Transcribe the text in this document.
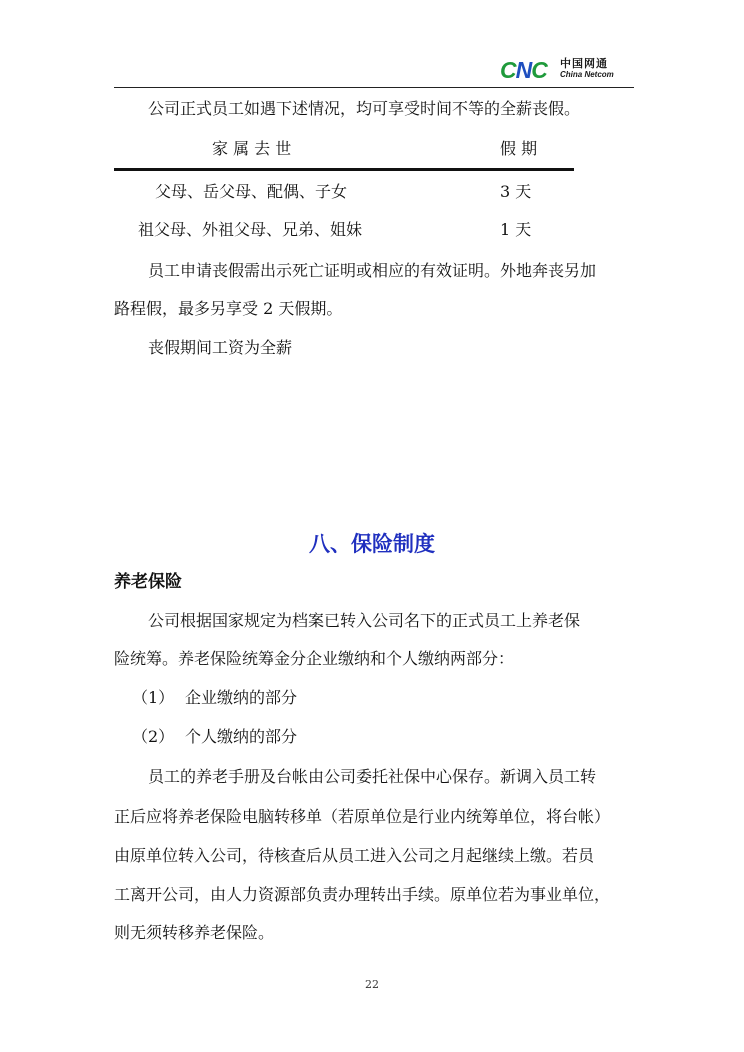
CNC 中国网通
China Netcom
公司正式员工如遇下述情况，均可享受时间不等的全薪丧假。
家 属 去 世	假 期
父母、岳父母、配偶、子女	3 天
祖父母、外祖父母、兄弟、姐妹	1 天
员工申请丧假需出示死亡证明或相应的有效证明。外地奔丧另加
路程假，最多另享受 2 天假期。
丧假期间工资为全薪
八、保险制度
养老保险
公司根据国家规定为档案已转入公司名下的正式员工上养老保
险统筹。养老保险统筹金分企业缴纳和个人缴纳两部分：
（1） 企业缴纳的部分
（2） 个人缴纳的部分
员工的养老手册及台帐由公司委托社保中心保存。新调入员工转
正后应将养老保险电脑转移单（若原单位是行业内统筹单位，将台帐）
由原单位转入公司，待核查后从员工进入公司之月起继续上缴。若员
工离开公司，由人力资源部负责办理转出手续。原单位若为事业单位，
则无须转移养老保险。
22
